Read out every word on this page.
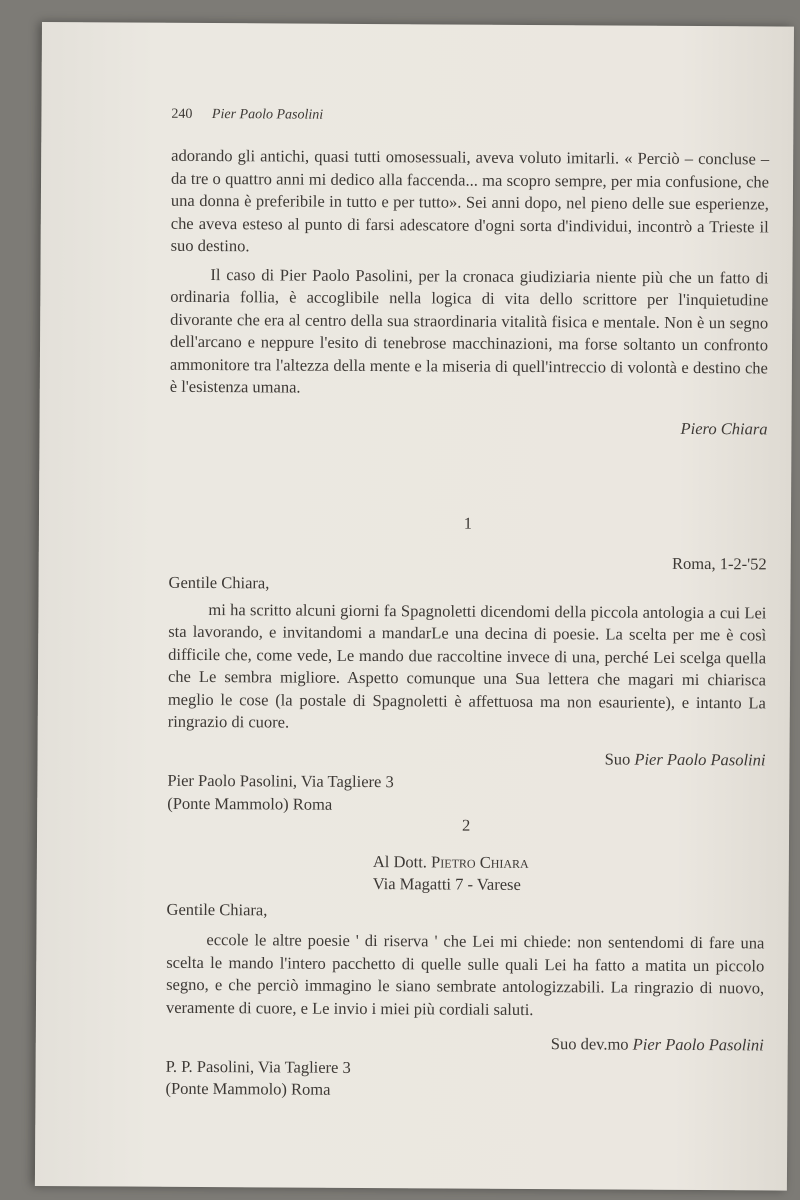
240 Pier Paolo Pasolini

adorando gli antichi, quasi tutti omosessuali, aveva voluto imitarli. « Perciò – concluse – da tre o quattro anni mi dedico alla faccenda... ma scopro sempre, per mia confusione, che una donna è preferibile in tutto e per tutto». Sei anni dopo, nel pieno delle sue esperienze, che aveva esteso al punto di farsi adescatore d'ogni sorta d'individui, incontrò a Trieste il suo destino.

Il caso di Pier Paolo Pasolini, per la cronaca giudiziaria niente più che un fatto di ordinaria follia, è accoglibile nella logica di vita dello scrittore per l'inquietudine divorante che era al centro della sua straordinaria vitalità fisica e mentale. Non è un segno dell'arcano e neppure l'esito di tenebrose macchinazioni, ma forse soltanto un confronto ammonitore tra l'altezza della mente e la miseria di quell'intreccio di volontà e destino che è l'esistenza umana.

Piero Chiara

1

Roma, 1-2-'52

Gentile Chiara,

mi ha scritto alcuni giorni fa Spagnoletti dicendomi della piccola antologia a cui Lei sta lavorando, e invitandomi a mandarLe una decina di poesie. La scelta per me è così difficile che, come vede, Le mando due raccoltine invece di una, perché Lei scelga quella che Le sembra migliore. Aspetto comunque una Sua lettera che magari mi chiarisca meglio le cose (la postale di Spagnoletti è affettuosa ma non esauriente), e intanto La ringrazio di cuore.

Suo Pier Paolo Pasolini

Pier Paolo Pasolini, Via Tagliere 3

(Ponte Mammolo) Roma

2

Al Dott. Pietro Chiara

Via Magatti 7 - Varese

Gentile Chiara,

eccole le altre poesie ' di riserva ' che Lei mi chiede: non sentendomi di fare una scelta le mando l'intero pacchetto di quelle sulle quali Lei ha fatto a matita un piccolo segno, e che perciò immagino le siano sembrate antologizzabili. La ringrazio di nuovo, veramente di cuore, e Le invio i miei più cordiali saluti.

Suo dev.mo Pier Paolo Pasolini

P. P. Pasolini, Via Tagliere 3

(Ponte Mammolo) Roma
